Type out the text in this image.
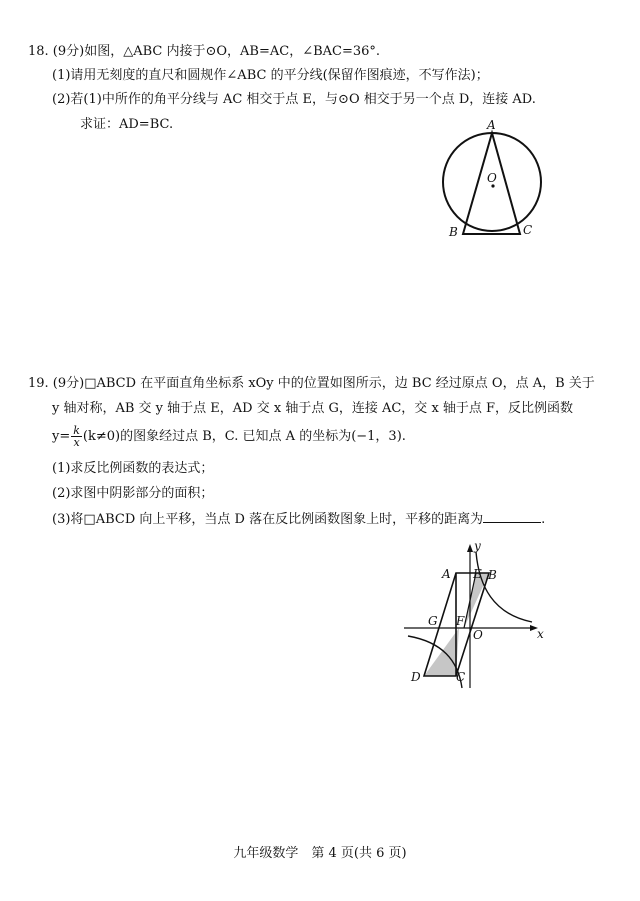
18. (9分)如图，△ABC 内接于⊙O，AB=AC，∠BAC=36°.
(1)请用无刻度的直尺和圆规作∠ABC 的平分线(保留作图痕迹，不写作法)；
(2)若(1)中所作的角平分线与 AC 相交于点 E，与⊙O 相交于另一个点 D，连接 AD.
求证：AD=BC.	A
O
B	C
19. (9分)□ABCD 在平面直角坐标系 xOy 中的位置如图所示，边 BC 经过原点 O，点 A，B 关于
y 轴对称，AB 交 y 轴于点 E，AD 交 x 轴于点 G，连接 AC，交 x 轴于点 F，反比例函数
$y= \frac{k}{x} (k\ne 0)$的图象经过点 B，C. 已知点 A 的坐标为(−1，3).
(1)求反比例函数的表达式；
(2)求图中阴影部分的面积；
(3)将□ABCD 向上平移，当点 D 落在反比例函数图象上时，平移的距离为	.
y
A E B
G F
O	x
D	C
九年级数学　第 4 页(共 6 页)
